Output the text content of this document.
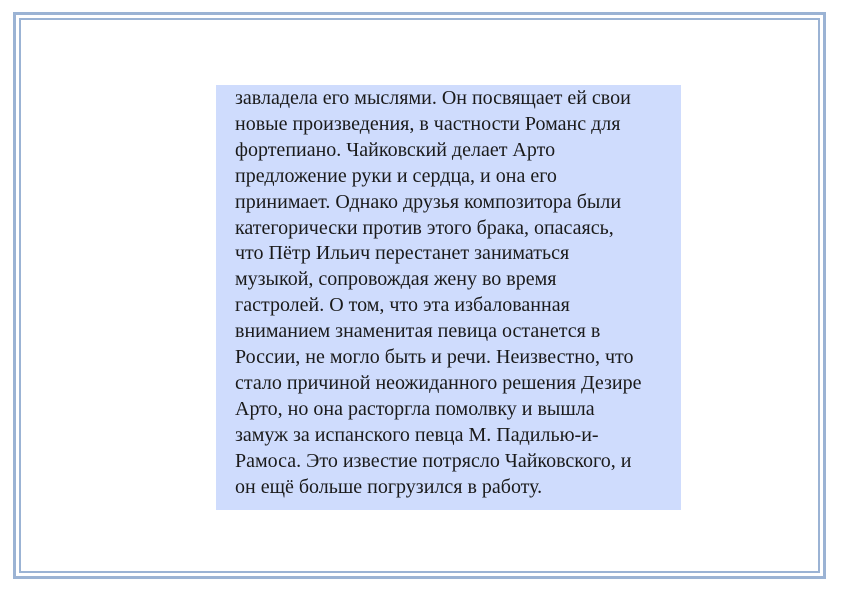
завладела его мыслями. Он посвящает ей свои
новые произведения, в частности Романс для
фортепиано. Чайковский делает Арто
предложение руки и сердца, и она его
принимает. Однако друзья композитора были
категорически против этого брака, опасаясь,
что Пётр Ильич перестанет заниматься
музыкой, сопровождая жену во время
гастролей. О том, что эта избалованная
вниманием знаменитая певица останется в
России, не могло быть и речи. Неизвестно, что
стало причиной неожиданного решения Дезире
Арто, но она расторгла помолвку и вышла
замуж за испанского певца М. Падилью-и-
Рамоса. Это известие потрясло Чайковского, и
он ещё больше погрузился в работу.
